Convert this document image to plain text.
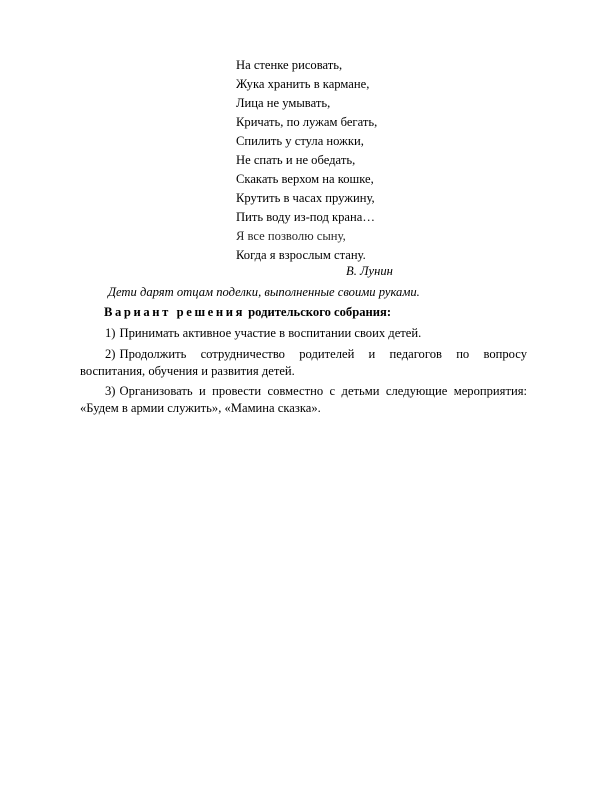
На стенке рисовать,
Жука хранить в кармане,
Лица не умывать,
Кричать, по лужам бегать,
Спилить у стула ножки,
Не спать и не обедать,
Скакать верхом на кошке,
Крутить в часах пружину,
Пить воду из-под крана…
Я все позволю сыну,
Когда я взрослым стану.
В. Лунин
Дети дарят отцам поделки, выполненные своими руками.
Вариант решения родительского собрания:
1) Принимать активное участие в воспитании своих детей.
2) Продолжить сотрудничество родителей и педагогов по вопросу воспитания, обучения и развития детей.
3) Организовать и провести совместно с детьми следующие мероприятия: «Будем в армии служить», «Мамина сказка».
